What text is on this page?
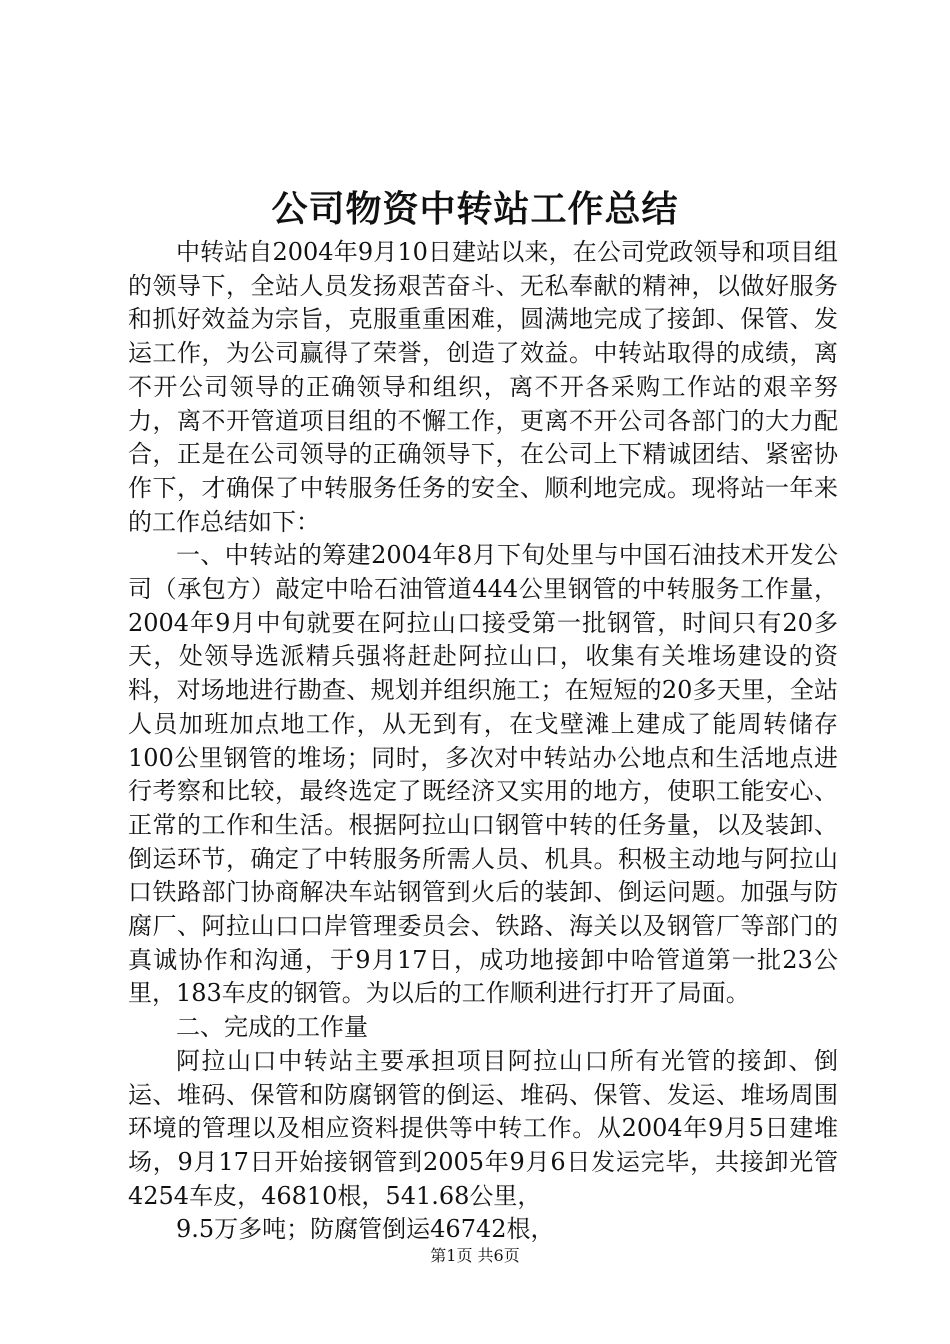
公司物资中转站工作总结

中转站自2004年9月10日建站以来，在公司党政领导和项目组的领导下，全站人员发扬艰苦奋斗、无私奉献的精神，以做好服务和抓好效益为宗旨，克服重重困难，圆满地完成了接卸、保管、发运工作，为公司赢得了荣誉，创造了效益。中转站取得的成绩，离不开公司领导的正确领导和组织，离不开各采购工作站的艰辛努力，离不开管道项目组的不懈工作，更离不开公司各部门的大力配合，正是在公司领导的正确领导下，在公司上下精诚团结、紧密协作下，才确保了中转服务任务的安全、顺利地完成。现将站一年来的工作总结如下：

一、中转站的筹建2004年8月下旬处里与中国石油技术开发公司（承包方）敲定中哈石油管道444公里钢管的中转服务工作量，2004年9月中旬就要在阿拉山口接受第一批钢管，时间只有20多天，处领导选派精兵强将赶赴阿拉山口，收集有关堆场建设的资料，对场地进行勘查、规划并组织施工；在短短的20多天里，全站人员加班加点地工作，从无到有，在戈壁滩上建成了能周转储存100公里钢管的堆场；同时，多次对中转站办公地点和生活地点进行考察和比较，最终选定了既经济又实用的地方，使职工能安心、正常的工作和生活。根据阿拉山口钢管中转的任务量，以及装卸、倒运环节，确定了中转服务所需人员、机具。积极主动地与阿拉山口铁路部门协商解决车站钢管到火后的装卸、倒运问题。加强与防腐厂、阿拉山口口岸管理委员会、铁路、海关以及钢管厂等部门的真诚协作和沟通，于9月17日，成功地接卸中哈管道第一批23公里，183车皮的钢管。为以后的工作顺利进行打开了局面。

二、完成的工作量

阿拉山口中转站主要承担项目阿拉山口所有光管的接卸、倒运、堆码、保管和防腐钢管的倒运、堆码、保管、发运、堆场周围环境的管理以及相应资料提供等中转工作。从2004年9月5日建堆场，9月17日开始接钢管到2005年9月6日发运完毕，共接卸光管4254车皮，46810根，541.68公里，

9.5万多吨；防腐管倒运46742根，

第1页 共6页
